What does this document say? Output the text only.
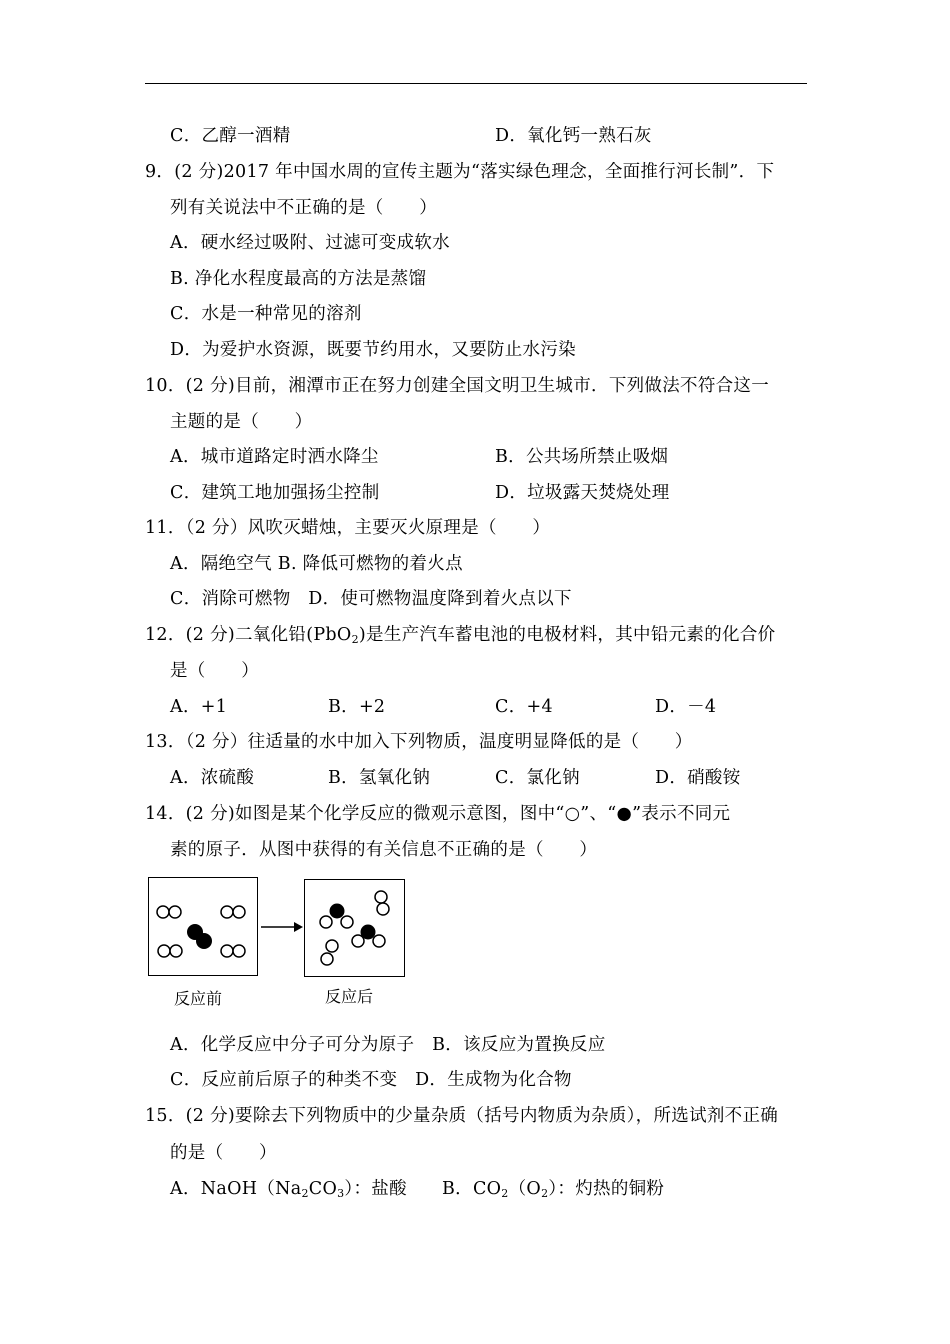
C．乙醇一酒精	D．氧化钙一熟石灰
9．(2 分)2017 年中国水周的宣传主题为“落实绿色理念，全面推行河长制”．下
列有关说法中不正确的是（　　）
A．硬水经过吸附、过滤可变成软水
B. 净化水程度最高的方法是蒸馏
C．水是一种常见的溶剂
D．为爱护水资源，既要节约用水，又要防止水污染
10．(2 分)目前，湘潭市正在努力创建全国文明卫生城市．下列做法不符合这一
主题的是（　　）
A．城市道路定时洒水降尘	B．公共场所禁止吸烟
C．建筑工地加强扬尘控制	D．垃圾露天焚烧处理
11．（2 分）风吹灭蜡烛，主要灭火原理是（　　）
A．隔绝空气 B. 降低可燃物的着火点
C．消除可燃物　D．使可燃物温度降到着火点以下
12．(2 分)二氧化铅(PbO$_2$)是生产汽车蓄电池的电极材料，其中铅元素的化合价
是（　　）
A．+1	B．+2	C．+4	D．－4
13．（2 分）往适量的水中加入下列物质，温度明显降低的是（　　）
A．浓硫酸	B．氢氧化钠	C．氯化钠	D．硝酸铵
14．(2 分)如图是某个化学反应的微观示意图，图中“○”、“●”表示不同元
素的原子．从图中获得的有关信息不正确的是（　　）
反应前	反应后
A．化学反应中分子可分为原子　B．该反应为置换反应
C．反应前后原子的种类不变　D．生成物为化合物
15．(2 分)要除去下列物质中的少量杂质（括号内物质为杂质），所选试剂不正确
的是（　　）
A．$NaOH(Na_2CO_3)$：盐酸 B．$CO_2(O_2)$：灼热的铜粉
